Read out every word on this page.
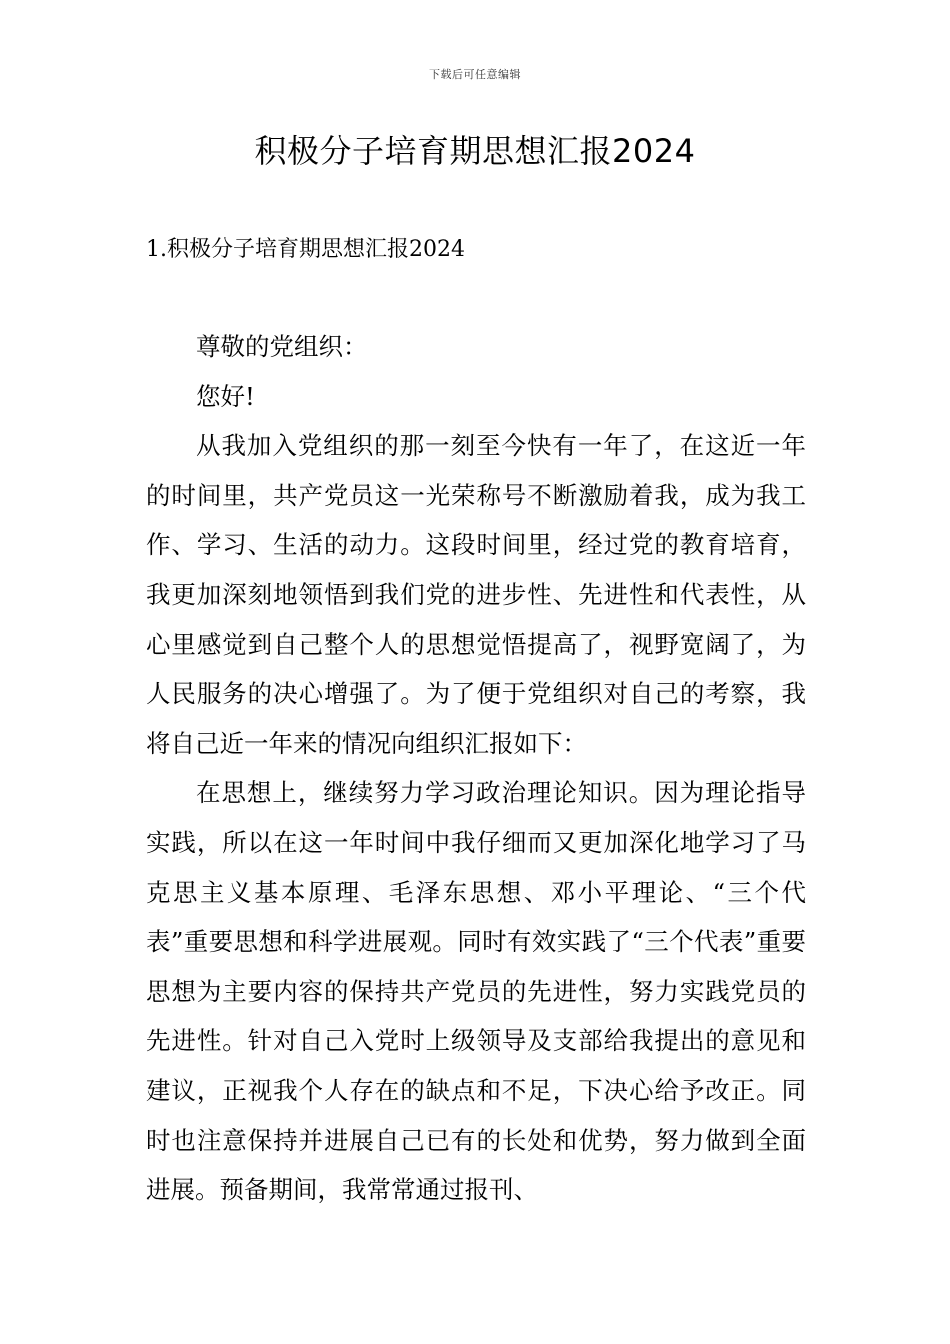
下载后可任意编辑
积极分子培育期思想汇报2024
1.积极分子培育期思想汇报2024

尊敬的党组织：

您好!

从我加入党组织的那一刻至今快有一年了，在这近一年的时间里，共产党员这一光荣称号不断激励着我，成为我工作、学习、生活的动力。这段时间里，经过党的教育培育，我更加深刻地领悟到我们党的进步性、先进性和代表性，从心里感觉到自己整个人的思想觉悟提高了，视野宽阔了，为人民服务的决心增强了。为了便于党组织对自己的考察，我将自己近一年来的情况向组织汇报如下：

在思想上，继续努力学习政治理论知识。因为理论指导实践，所以在这一年时间中我仔细而又更加深化地学习了马克思主义基本原理、毛泽东思想、邓小平理论、“三个代表”重要思想和科学进展观。同时有效实践了“三个代表”重要思想为主要内容的保持共产党员的先进性，努力实践党员的先进性。针对自己入党时上级领导及支部给我提出的意见和建议，正视我个人存在的缺点和不足，下决心给予改正。同时也注意保持并进展自己已有的长处和优势，努力做到全面进展。预备期间，我常常通过报刊、
